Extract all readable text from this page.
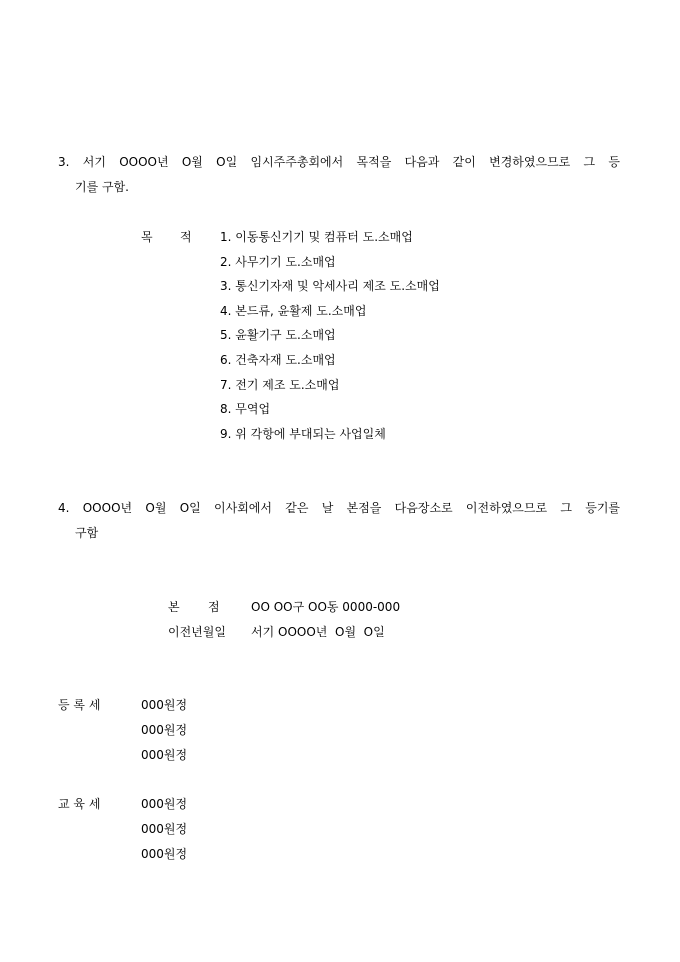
3. 서기 OOOO년 O월 O일 임시주주총회에서 목적을 다음과 같이 변경하였으므로 그 등
기를 구함.
목 적 1. 이동통신기기 및 컴퓨터 도.소매업
2. 사무기기 도.소매업
3. 통신기자재 및 악세사리 제조 도.소매업
4. 본드류, 윤활제 도.소매업
5. 윤활기구 도.소매업
6. 건축자재 도.소매업
7. 전기 제조 도.소매업
8. 무역업
9. 위 각항에 부대되는 사업일체
4. OOOO년 O월 O일 이사회에서 같은 날 본점을 다음장소로 이전하였으므로 그 등기를
구함
본 점	OO OO구 OO동 0000-000
이전년월일 서기 OOOO년  O월  O일
등 록 세	000원정
000원정
000원정
교 육 세	000원정
000원정
000원정
